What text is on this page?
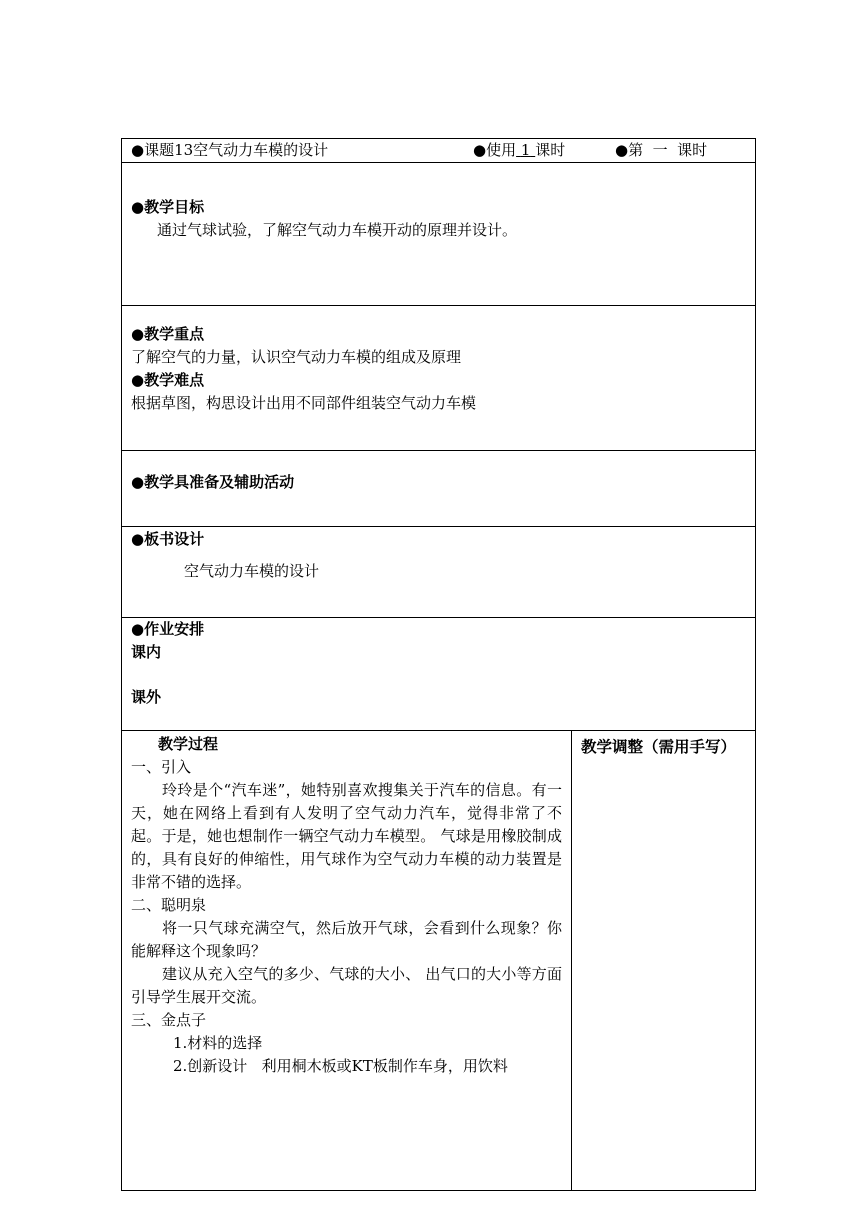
●课题13空气动力车模的设计	●使用 1 课时	●第  一  课时

●教学目标
通过气球试验，了解空气动力车模开动的原理并设计。

●教学重点
了解空气的力量，认识空气动力车模的组成及原理
●教学难点
根据草图，构思设计出用不同部件组装空气动力车模

●教学具准备及辅助活动

●板书设计
空气动力车模的设计

●作业安排
课内
课外

教学过程

一、引入

玲玲是个“汽车迷”，她特别喜欢搜集关于汽车的信息。有一天，她在网络上看到有人发明了空气动力汽车，觉得非常了不起。于是，她也想制作一辆空气动力车模型。 气球是用橡胶制成的，具有良好的伸缩性，用气球作为空气动力车模的动力装置是非常不错的选择。

二、聪明泉

将一只气球充满空气，然后放开气球，会看到什么现象？你能解释这个现象吗？

建议从充入空气的多少、气球的大小、 出气口的大小等方面引导学生展开交流。

三、金点子

1.材料的选择

2.创新设计   利用桐木板或KT板制作车身，用饮料

教学调整（需用手写）
